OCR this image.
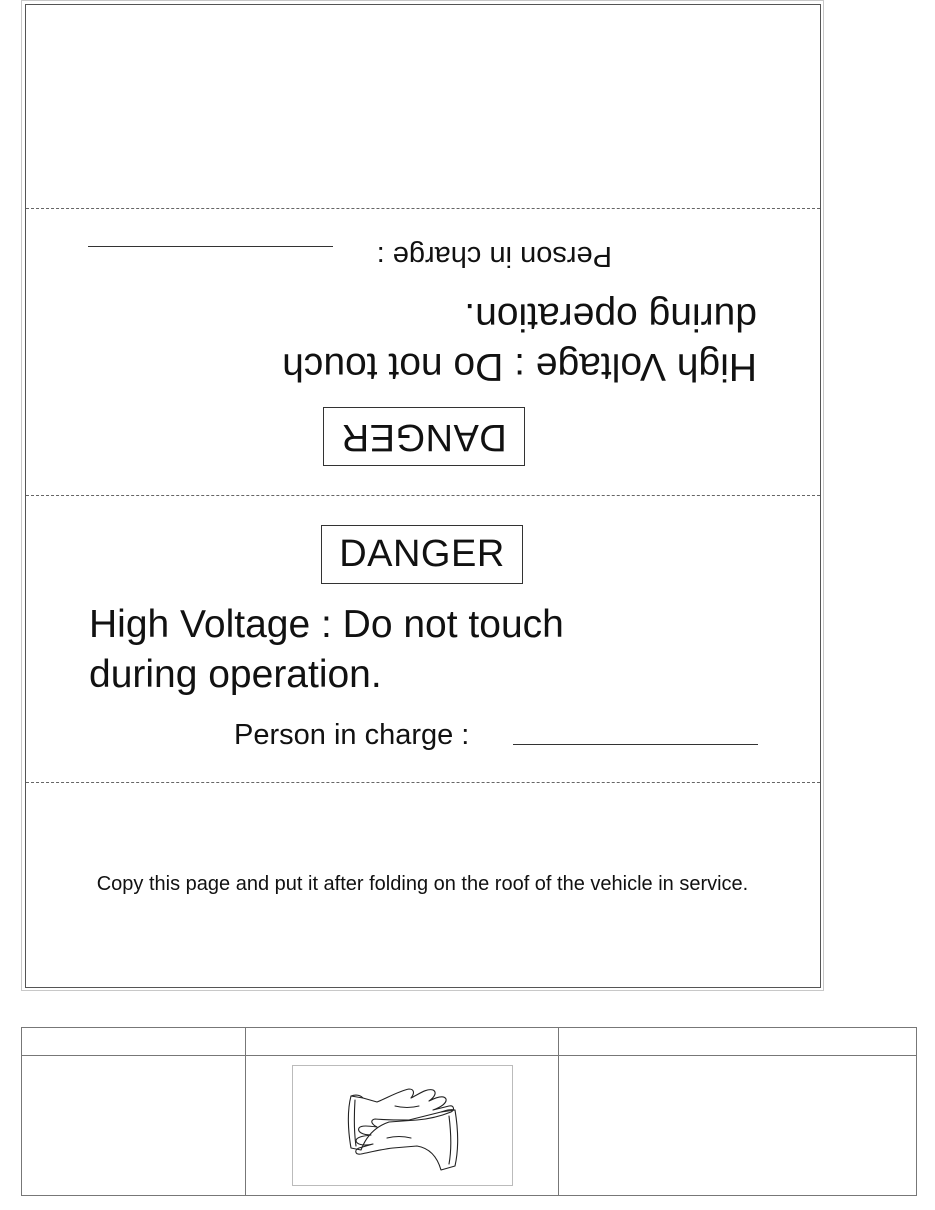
DANGER
High Voltage : Do not touch
during operation.
Person in charge :
DANGER
High Voltage : Do not touch
during operation.
Person in charge :
Copy this page and put it after folding on the roof of the vehicle in service.
